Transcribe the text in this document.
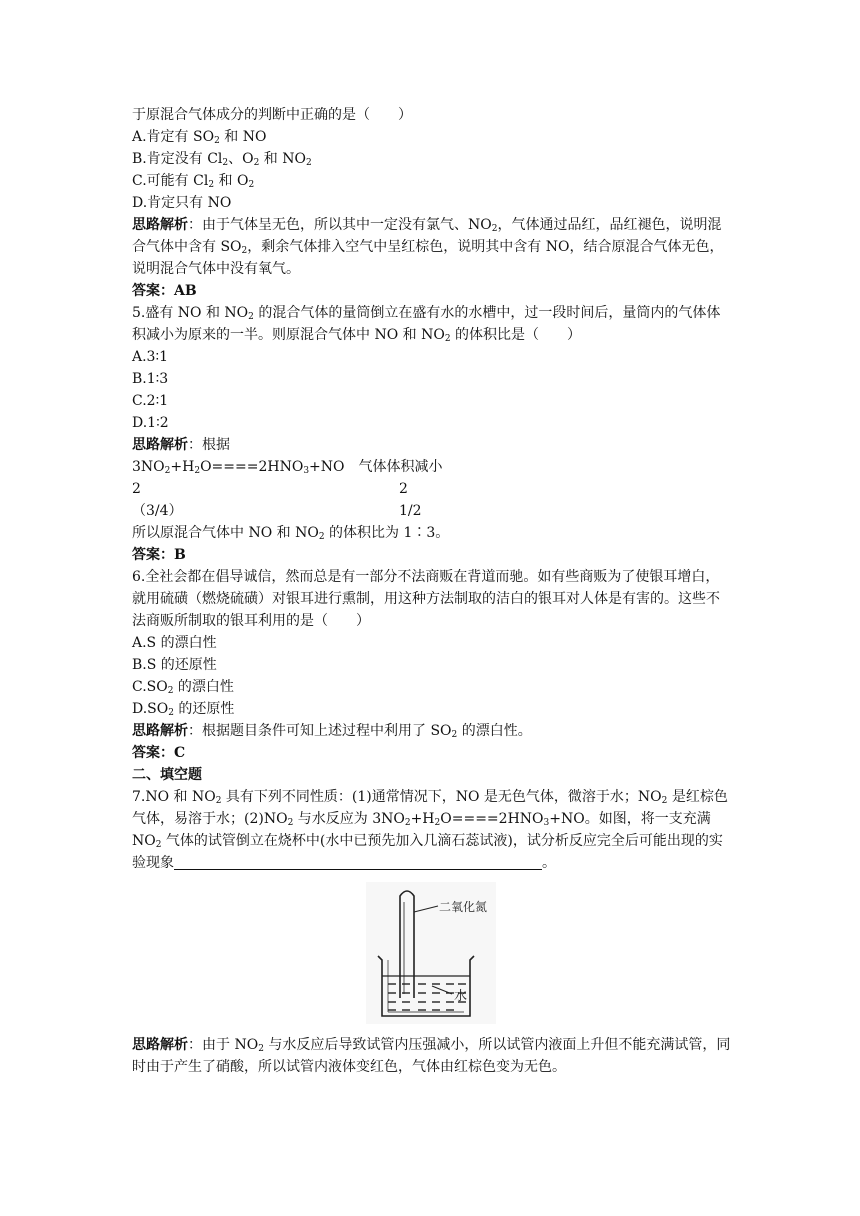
于原混合气体成分的判断中正确的是（　　）
A.肯定有 $SO_2$ 和 NO
B.肯定没有 $Cl_2$、$O_2$ 和 $NO_2$
C.可能有 $Cl_2$ 和 $O_2$
D.肯定只有 NO
思路解析：由于气体呈无色，所以其中一定没有氯气、$NO_2$，气体通过品红，品红褪色，说明混合气体中含有 $SO_2$，剩余气体排入空气中呈红棕色，说明其中含有 NO，结合原混合气体无色，说明混合气体中没有氧气。
答案：AB
5.盛有 NO 和 $NO_2$ 的混合气体的量筒倒立在盛有水的水槽中，过一段时间后，量筒内的气体体积减小为原来的一半。则原混合气体中 NO 和 $NO_2$ 的体积比是（　　）
A.3∶1
B.1∶3
C.2∶1
D.1∶2
思路解析：根据
$3NO_2+H_2O====2HNO_3+NO$　气体体积减小
2	2
（3/4）	1/2
所以原混合气体中 NO 和 $NO_2$ 的体积比为 1∶3。
答案：B
6.全社会都在倡导诚信，然而总是有一部分不法商贩在背道而驰。如有些商贩为了使银耳增白，就用硫磺（燃烧硫磺）对银耳进行熏制，用这种方法制取的洁白的银耳对人体是有害的。这些不法商贩所制取的银耳利用的是（　　）
A.S 的漂白性
B.S 的还原性
$C.SO_2$ 的漂白性
$D.SO_2$ 的还原性
思路解析：根据题目条件可知上述过程中利用了 $SO_2$ 的漂白性。
答案：C
二、填空题
7.NO 和 $NO_2$ 具有下列不同性质：(1)通常情况下，NO 是无色气体，微溶于水；$NO_2$ 是红棕色气体，易溶于水；$(2)NO_2$ 与水反应为 $3NO_2+H_2O====2HNO_3+NO$。如图，将一支充满 $NO_2$ 气体的试管倒立在烧杯中(水中已预先加入几滴石蕊试液)，试分析反应完全后可能出现的实验现象	。
二氧化氮
水
思路解析：由于 $NO_2$ 与水反应后导致试管内压强减小，所以试管内液面上升但不能充满试管，同时由于产生了硝酸，所以试管内液体变红色，气体由红棕色变为无色。
